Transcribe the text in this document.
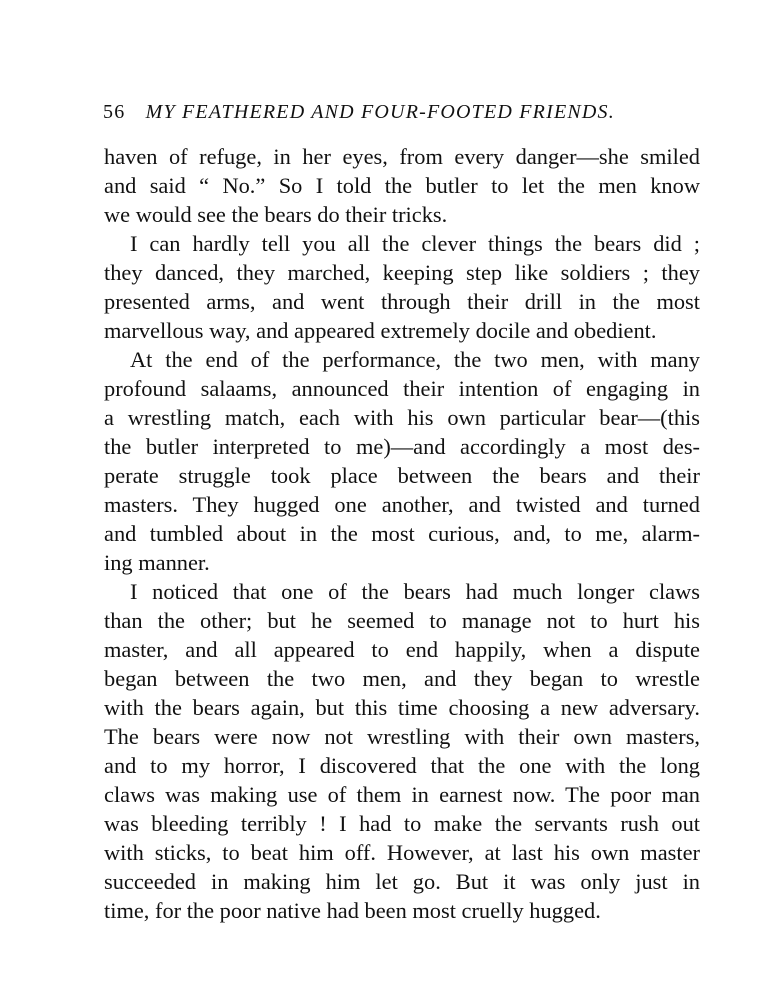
56 MY FEATHERED AND FOUR-FOOTED FRIENDS.
haven of refuge, in her eyes, from every danger—she smiled
and said “ No.” So I told the butler to let the men know
we would see the bears do their tricks.
I can hardly tell you all the clever things the bears did ;
they danced, they marched, keeping step like soldiers ; they
presented arms, and went through their drill in the most
marvellous way, and appeared extremely docile and obedient.
At the end of the performance, the two men, with many
profound salaams, announced their intention of engaging in
a wrestling match, each with his own particular bear—(this
the butler interpreted to me)—and accordingly a most des-
perate struggle took place between the bears and their
masters. They hugged one another, and twisted and turned
and tumbled about in the most curious, and, to me, alarm-
ing manner.
I noticed that one of the bears had much longer claws
than the other; but he seemed to manage not to hurt his
master, and all appeared to end happily, when a dispute
began between the two men, and they began to wrestle
with the bears again, but this time choosing a new adversary.
The bears were now not wrestling with their own masters,
and to my horror, I discovered that the one with the long
claws was making use of them in earnest now. The poor man
was bleeding terribly ! I had to make the servants rush out
with sticks, to beat him off. However, at last his own master
succeeded in making him let go. But it was only just in
time, for the poor native had been most cruelly hugged.
